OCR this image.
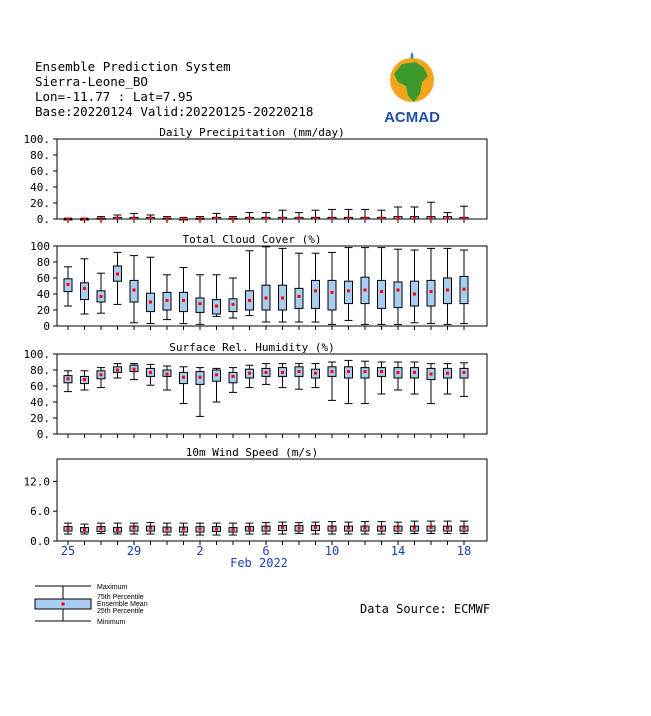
Ensemble Prediction System
Sierra-Leone_BO
Lon=-11.77 : Lat=7.95
Base:20220124 Valid:20220125-20220218	ACMAD
Daily Precipitation (mm/day)
0.
20.
40.
60.
80.
100.
Total Cloud Cover (%)
0
20
40
60
80
100
Surface Rel. Humidity (%)
0.
20.
40.
60.
80.
100.
10m Wind Speed (m/s)
0.0
6.0
12.0
25	29	2	6	10	14	18
Feb 2022
Maximum
75th Percentile
Ensemble Mean
25th Percentile
Minimum
Data Source: ECMWF
